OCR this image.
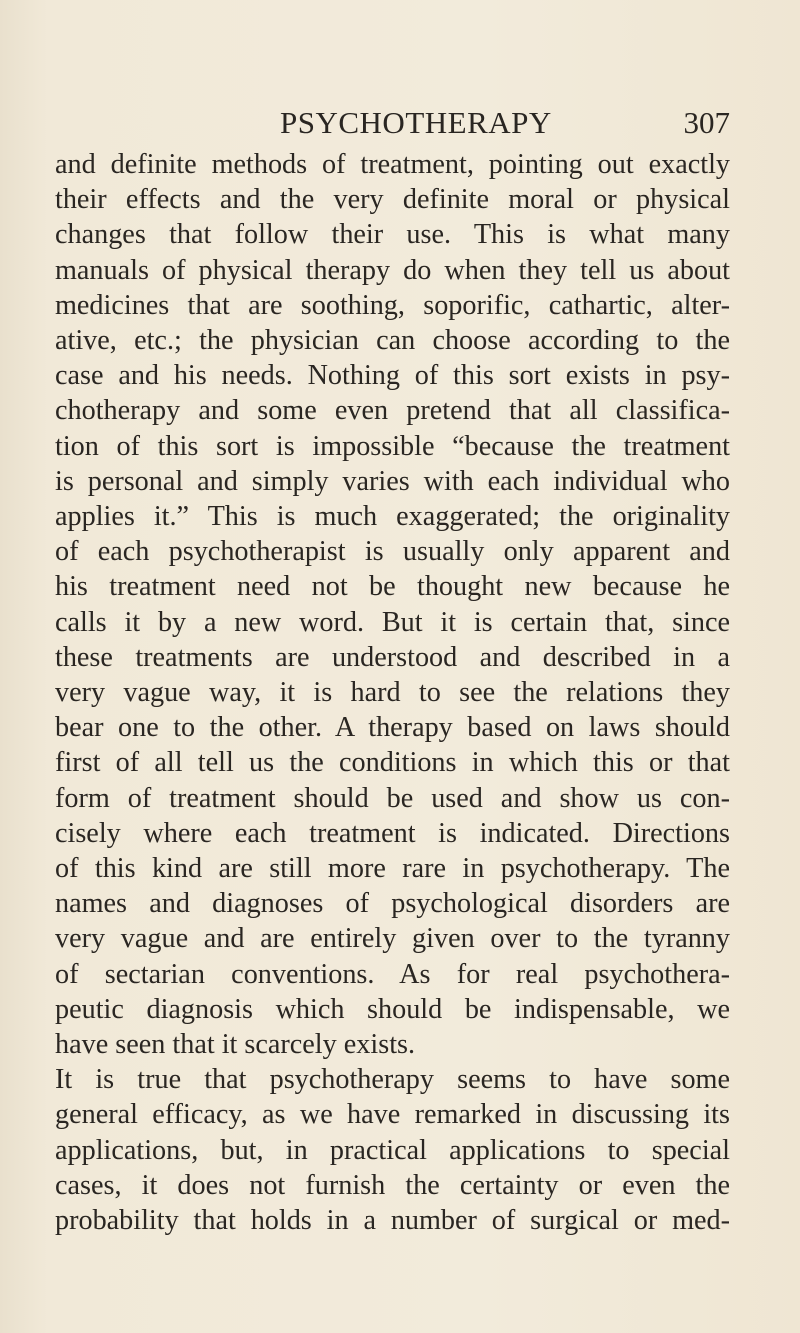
PSYCHOTHERAPY	307
and definite methods of treatment, pointing out exactly
their effects and the very definite moral or physical
changes that follow their use. This is what many
manuals of physical therapy do when they tell us about
medicines that are soothing, soporific, cathartic, alter-
ative, etc.; the physician can choose according to the
case and his needs. Nothing of this sort exists in psy-
chotherapy and some even pretend that all classifica-
tion of this sort is impossible “because the treatment
is personal and simply varies with each individual who
applies it.” This is much exaggerated; the originality
of each psychotherapist is usually only apparent and
his treatment need not be thought new because he
calls it by a new word. But it is certain that, since
these treatments are understood and described in a
very vague way, it is hard to see the relations they
bear one to the other. A therapy based on laws should
first of all tell us the conditions in which this or that
form of treatment should be used and show us con-
cisely where each treatment is indicated. Directions
of this kind are still more rare in psychotherapy. The
names and diagnoses of psychological disorders are
very vague and are entirely given over to the tyranny
of sectarian conventions. As for real psychothera-
peutic diagnosis which should be indispensable, we
have seen that it scarcely exists.
It is true that psychotherapy seems to have some
general efficacy, as we have remarked in discussing its
applications, but, in practical applications to special
cases, it does not furnish the certainty or even the
probability that holds in a number of surgical or med-
